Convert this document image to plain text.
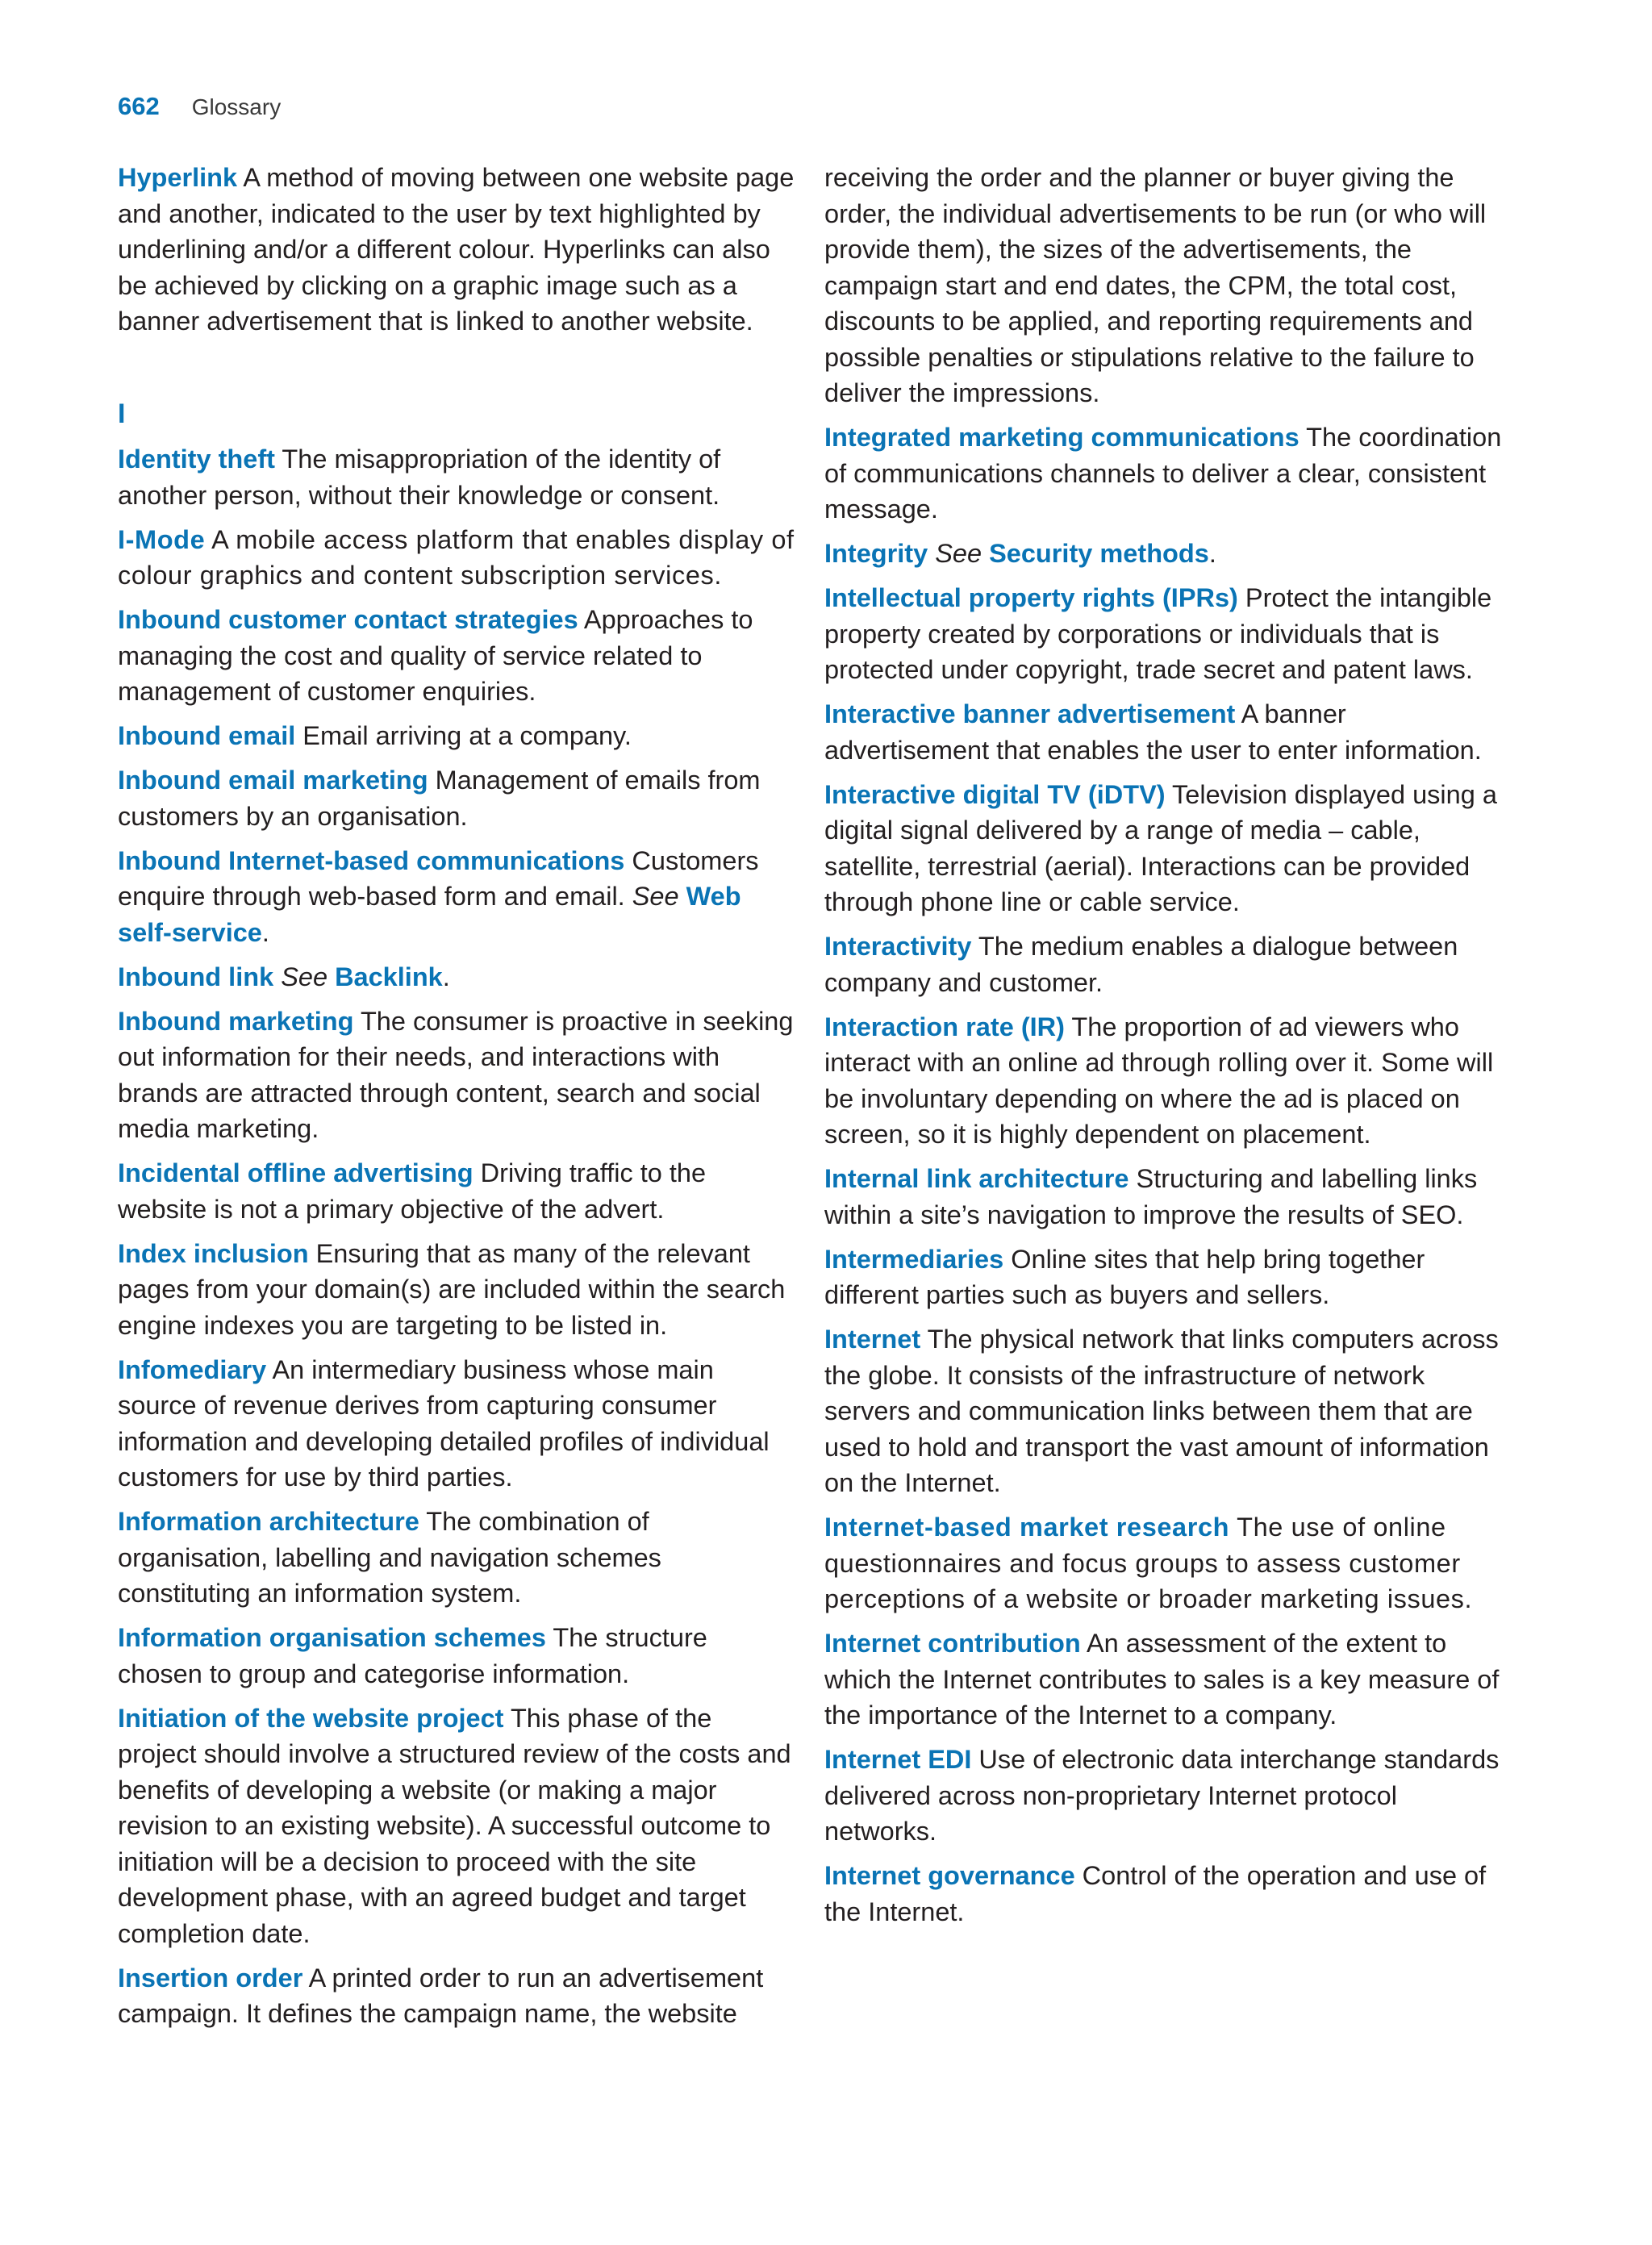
662 Glossary

Hyperlink A method of moving between one website page and another, indicated to the user by text highlighted by underlining and/or a different colour. Hyperlinks can also be achieved by clicking on a graphic image such as a banner advertisement that is linked to another website.

I

Identity theft The misappropriation of the identity of another person, without their knowledge or consent.

I-Mode A mobile access platform that enables display of colour graphics and content subscription services.

Inbound customer contact strategies Approaches to managing the cost and quality of service related to management of customer enquiries.

Inbound email Email arriving at a company.

Inbound email marketing Management of emails from customers by an organisation.

Inbound Internet-based communications Customers enquire through web-based form and email. See Web self-service.

Inbound link See Backlink.

Inbound marketing The consumer is proactive in seeking out information for their needs, and interactions with brands are attracted through content, search and social media marketing.

Incidental offline advertising Driving traffic to the website is not a primary objective of the advert.

Index inclusion Ensuring that as many of the relevant pages from your domain(s) are included within the search engine indexes you are targeting to be listed in.

Infomediary An intermediary business whose main source of revenue derives from capturing consumer information and developing detailed profiles of individual customers for use by third parties.

Information architecture The combination of organisation, labelling and navigation schemes constituting an information system.

Information organisation schemes The structure chosen to group and categorise information.

Initiation of the website project This phase of the project should involve a structured review of the costs and benefits of developing a website (or making a major revision to an existing website). A successful outcome to initiation will be a decision to proceed with the site development phase, with an agreed budget and target completion date.

Insertion order A printed order to run an advertisement campaign. It defines the campaign name, the website

receiving the order and the planner or buyer giving the order, the individual advertisements to be run (or who will provide them), the sizes of the advertisements, the campaign start and end dates, the CPM, the total cost, discounts to be applied, and reporting requirements and possible penalties or stipulations relative to the failure to deliver the impressions.

Integrated marketing communications The coordination of communications channels to deliver a clear, consistent message.

Integrity See Security methods.

Intellectual property rights (IPRs) Protect the intangible property created by corporations or individuals that is protected under copyright, trade secret and patent laws.

Interactive banner advertisement A banner advertisement that enables the user to enter information.

Interactive digital TV (iDTV) Television displayed using a digital signal delivered by a range of media – cable, satellite, terrestrial (aerial). Interactions can be provided through phone line or cable service.

Interactivity The medium enables a dialogue between company and customer.

Interaction rate (IR) The proportion of ad viewers who interact with an online ad through rolling over it. Some will be involuntary depending on where the ad is placed on screen, so it is highly dependent on placement.

Internal link architecture Structuring and labelling links within a site’s navigation to improve the results of SEO.

Intermediaries Online sites that help bring together different parties such as buyers and sellers.

Internet The physical network that links computers across the globe. It consists of the infrastructure of network servers and communication links between them that are used to hold and transport the vast amount of information on the Internet.

Internet-based market research The use of online questionnaires and focus groups to assess customer perceptions of a website or broader marketing issues.

Internet contribution An assessment of the extent to which the Internet contributes to sales is a key measure of the importance of the Internet to a company.

Internet EDI Use of electronic data interchange standards delivered across non-proprietary Internet protocol networks.

Internet governance Control of the operation and use of the Internet.
